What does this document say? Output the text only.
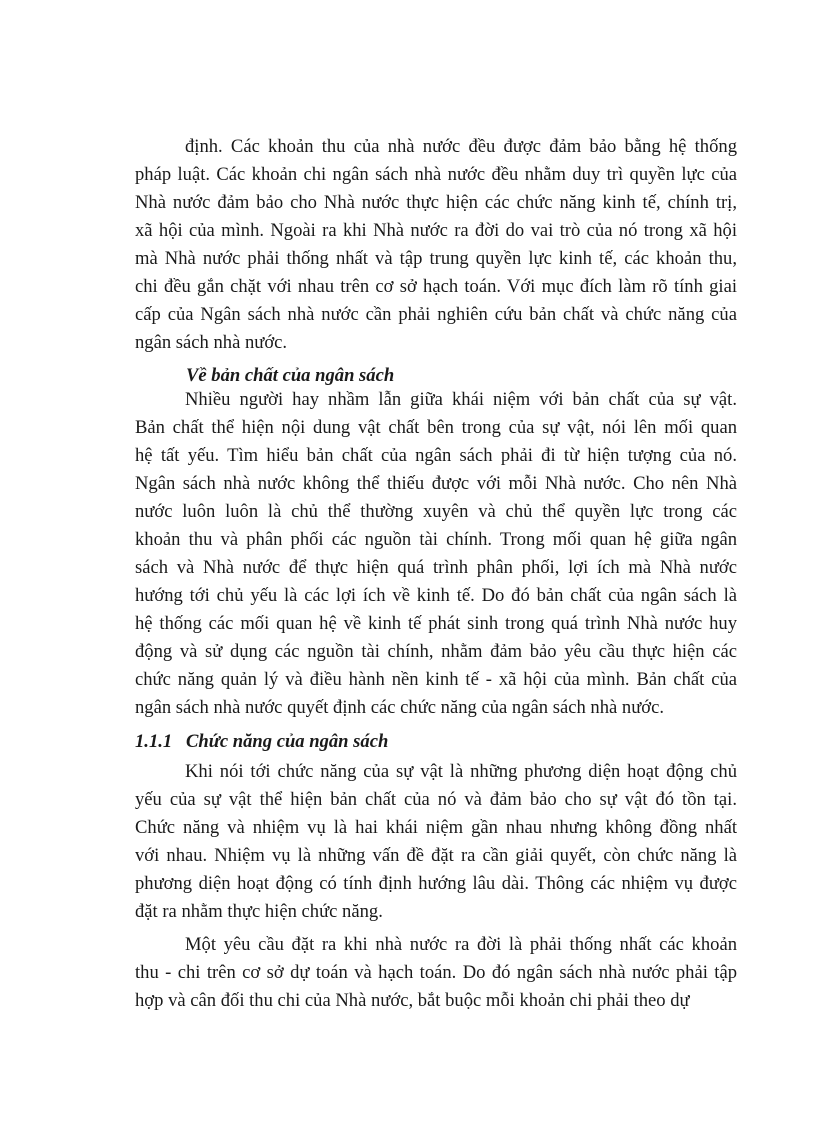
định. Các khoản thu của nhà nước đều được đảm bảo bằng hệ thống
pháp luật. Các khoản chi ngân sách nhà nước đều nhằm duy trì quyền lực của
Nhà nước đảm bảo cho Nhà nước thực hiện các chức năng kinh tế, chính trị,
xã hội của mình. Ngoài ra khi Nhà nước ra đời do vai trò của nó trong xã hội
mà Nhà nước phải thống nhất và tập trung quyền lực kinh tế, các khoản thu,
chi đều gắn chặt với nhau trên cơ sở hạch toán. Với mục đích làm rõ tính giai
cấp của Ngân sách nhà nước cần phải nghiên cứu bản chất và chức năng của
ngân sách nhà nước.
Về bản chất của ngân sách
Nhiều người hay nhầm lẫn giữa khái niệm với bản chất của sự vật.
Bản chất thể hiện nội dung vật chất bên trong của sự vật, nói lên mối quan
hệ tất yếu. Tìm hiểu bản chất của ngân sách phải đi từ hiện tượng của nó.
Ngân sách nhà nước không thể thiếu được với mỗi Nhà nước. Cho nên Nhà
nước luôn luôn là chủ thể thường xuyên và chủ thể quyền lực trong các
khoản thu và phân phối các nguồn tài chính. Trong mối quan hệ giữa ngân
sách và Nhà nước để thực hiện quá trình phân phối, lợi ích mà Nhà nước
hướng tới chủ yếu là các lợi ích về kinh tế. Do đó bản chất của ngân sách là
hệ thống các mối quan hệ về kinh tế phát sinh trong quá trình Nhà nước huy
động và sử dụng các nguồn tài chính, nhằm đảm bảo yêu cầu thực hiện các
chức năng quản lý và điều hành nền kinh tế - xã hội của mình. Bản chất của
ngân sách nhà nước quyết định các chức năng của ngân sách nhà nước.
1.1.1 Chức năng của ngân sách
Khi nói tới chức năng của sự vật là những phương diện hoạt động chủ
yếu của sự vật thể hiện bản chất của nó và đảm bảo cho sự vật đó tồn tại.
Chức năng và nhiệm vụ là hai khái niệm gần nhau nhưng không đồng nhất
với nhau. Nhiệm vụ là những vấn đề đặt ra cần giải quyết, còn chức năng là
phương diện hoạt động có tính định hướng lâu dài. Thông các nhiệm vụ được
đặt ra nhằm thực hiện chức năng.
Một yêu cầu đặt ra khi nhà nước ra đời là phải thống nhất các khoản
thu - chi trên cơ sở dự toán và hạch toán. Do đó ngân sách nhà nước phải tập
hợp và cân đối thu chi của Nhà nước, bắt buộc mỗi khoản chi phải theo dự
